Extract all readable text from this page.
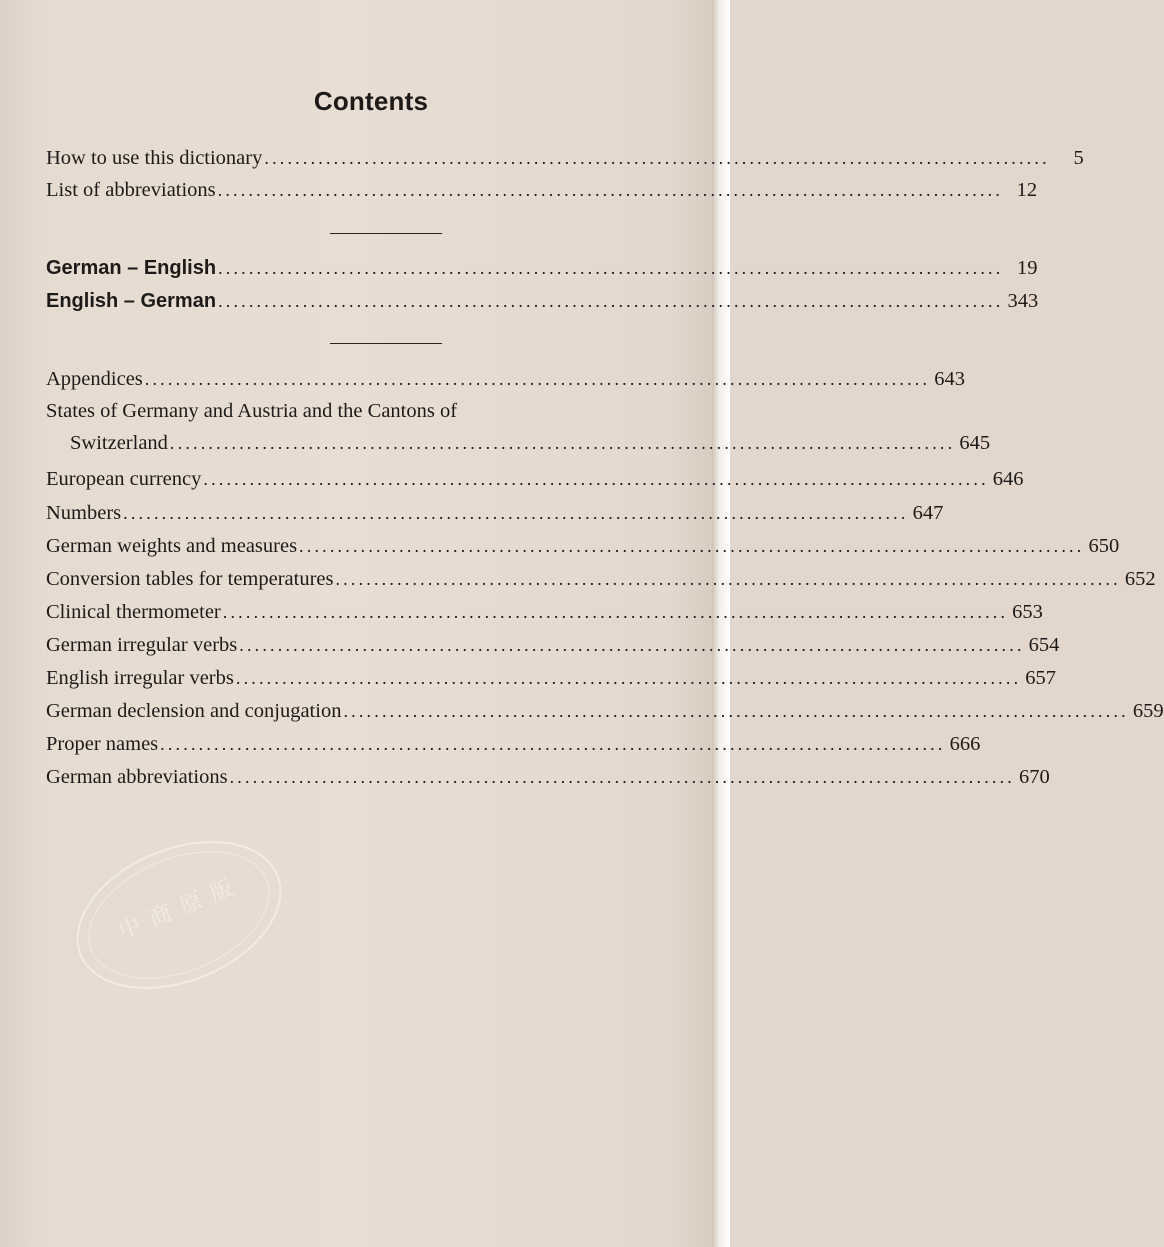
Contents
How to use this dictionary ......................................................................................................	5
List of abbreviations ...................................................................................................... 12
German – English ...................................................................................................... 19
English – German ...................................................................................................... 343
Appendices ...................................................................................................... 643
States of Germany and Austria and the Cantons of
Switzerland ...................................................................................................... 645
European currency ...................................................................................................... 646
Numbers ...................................................................................................... 647
German weights and measures ...................................................................................................... 650
Conversion tables for temperatures ...................................................................................................... 652
Clinical thermometer ...................................................................................................... 653
German irregular verbs ...................................................................................................... 654
English irregular verbs ...................................................................................................... 657
German declension and conjugation ...................................................................................................... 659
Proper names ...................................................................................................... 666
German abbreviations ...................................................................................................... 670
中 商 原 版
